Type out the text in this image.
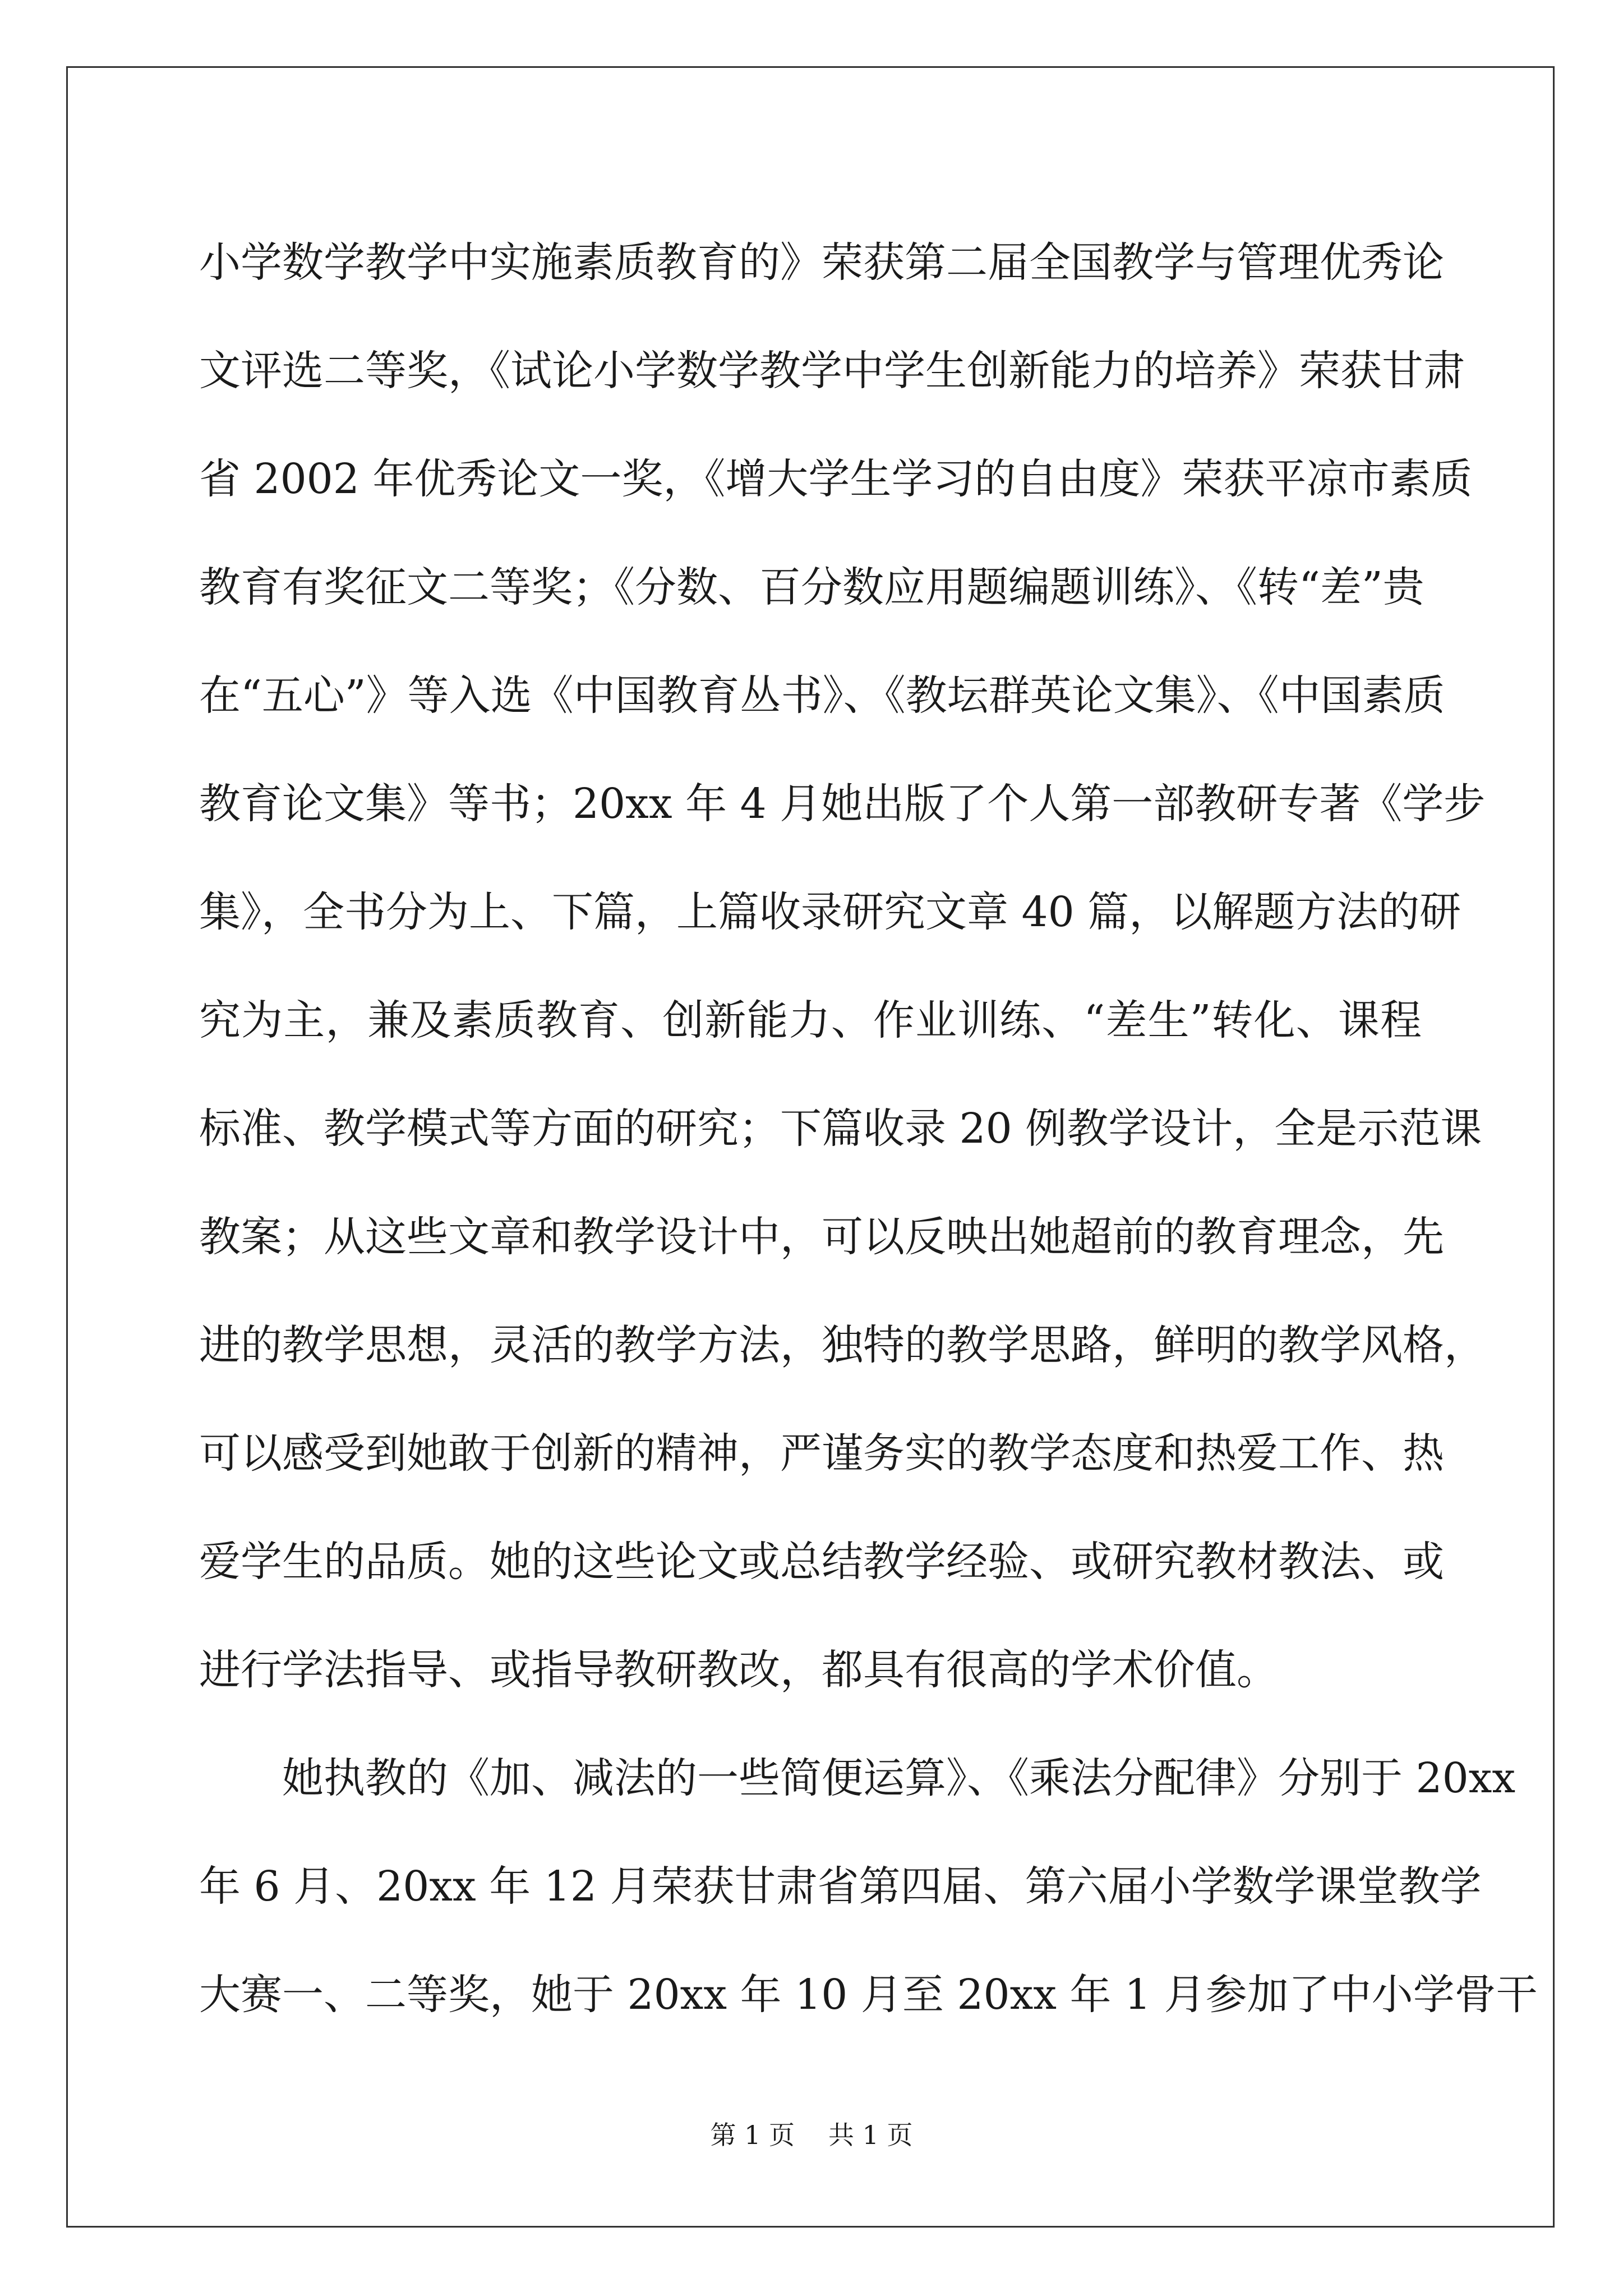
小学数学教学中实施素质教育的》荣获第二届全国教学与管理优秀论
文评选二等奖，《试论小学数学教学中学生创新能力的培养》荣获甘肃
省 2002 年优秀论文一奖，《增大学生学习的自由度》荣获平凉市素质
教育有奖征文二等奖；《分数、百分数应用题编题训练》、《转“差”贵
在“五心”》等入选《中国教育丛书》、《教坛群英论文集》、《中国素质
教育论文集》等书；20xx 年 4 月她出版了个人第一部教研专著《学步
集》，全书分为上、下篇，上篇收录研究文章 40 篇，以解题方法的研
究为主，兼及素质教育、创新能力、作业训练、“差生”转化、课程
标准、教学模式等方面的研究；下篇收录 20 例教学设计，全是示范课
教案；从这些文章和教学设计中，可以反映出她超前的教育理念，先
进的教学思想，灵活的教学方法，独特的教学思路，鲜明的教学风格，
可以感受到她敢于创新的精神，严谨务实的教学态度和热爱工作、热
爱学生的品质。她的这些论文或总结教学经验、或研究教材教法、或
进行学法指导、或指导教研教改，都具有很高的学术价值。
　　她执教的《加、减法的一些简便运算》、《乘法分配律》分别于 20xx
年 6 月、20xx 年 12 月荣获甘肃省第四届、第六届小学数学课堂教学
大赛一、二等奖，她于 20xx 年 10 月至 20xx 年 1 月参加了中小学骨干
第 1 页 共 1 页
